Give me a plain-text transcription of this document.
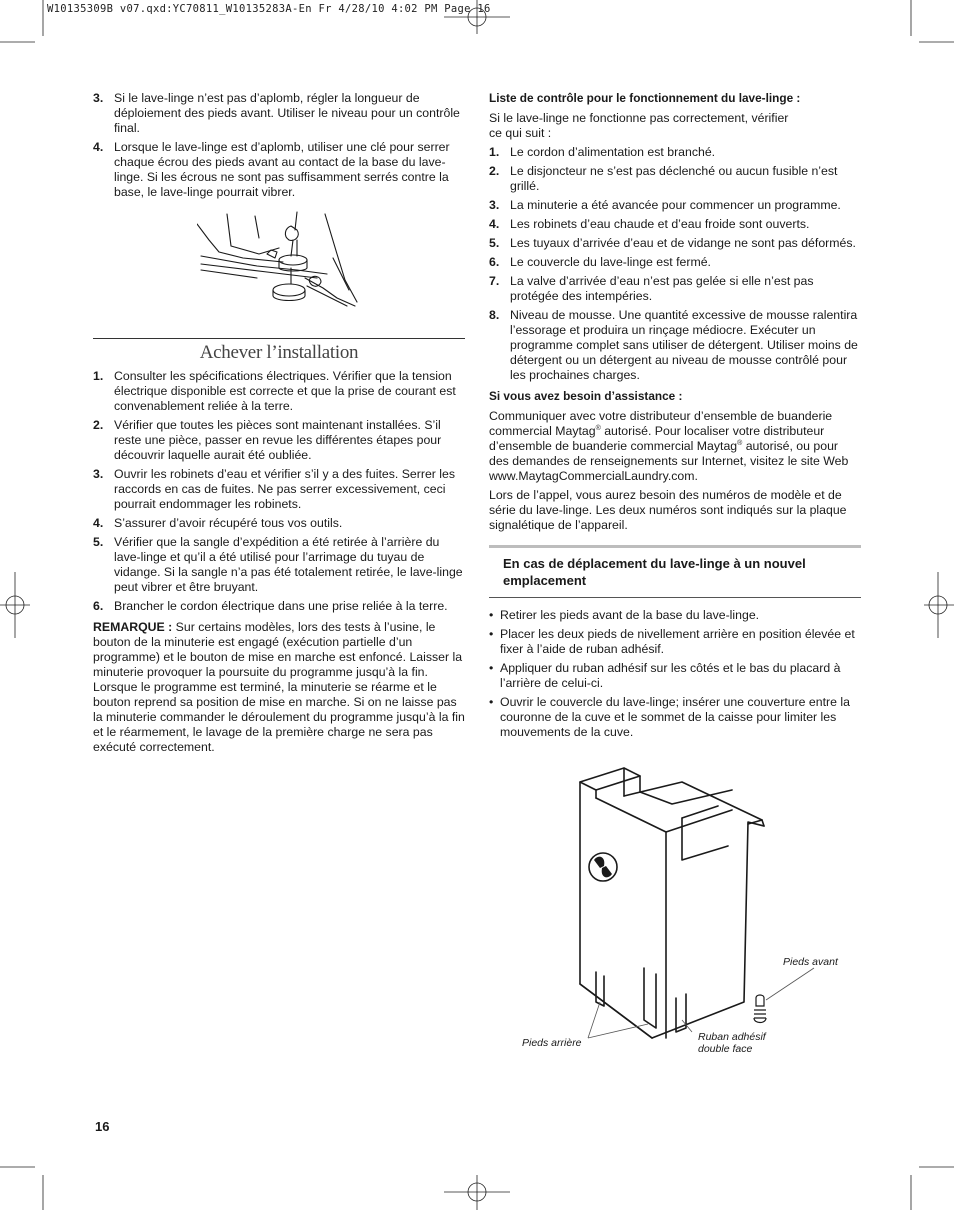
W10135309B v07.qxd:YC70811_W10135283A-En Fr 4/28/10 4:02 PM Page 16
3. Si le lave-linge n’est pas d’aplomb, régler la longueur de déploiement des pieds avant. Utiliser le niveau pour un contrôle final.
4. Lorsque le lave-linge est d’aplomb, utiliser une clé pour serrer chaque écrou des pieds avant au contact de la base du lave-linge. Si les écrous ne sont pas suffisamment serrés contre la base, le lave-linge pourrait vibrer.
Achever l’installation
1. Consulter les spécifications électriques. Vérifier que la tension électrique disponible est correcte et que la prise de courant est convenablement reliée à la terre.
2. Vérifier que toutes les pièces sont maintenant installées. S’il reste une pièce, passer en revue les différentes étapes pour découvrir laquelle aurait été oubliée.
3. Ouvrir les robinets d’eau et vérifier s’il y a des fuites. Serrer les raccords en cas de fuites. Ne pas serrer excessivement, ceci pourrait endommager les robinets.
4. S’assurer d’avoir récupéré tous vos outils.
5. Vérifier que la sangle d’expédition a été retirée à l’arrière du lave-linge et qu’il a été utilisé pour l’arrimage du tuyau de vidange. Si la sangle n’a pas été totalement retirée, le lave-linge peut vibrer et être bruyant.
6. Brancher le cordon électrique dans une prise reliée à la terre.

REMARQUE : Sur certains modèles, lors des tests à l’usine, le bouton de la minuterie est engagé (exécution partielle d’un programme) et le bouton de mise en marche est enfoncé. Laisser la minuterie provoquer la poursuite du programme jusqu’à la fin. Lorsque le programme est terminé, la minuterie se réarme et le bouton reprend sa position de mise en marche. Si on ne laisse pas la minuterie commander le déroulement du programme jusqu’à la fin et le réarmement, le lavage de la première charge ne sera pas exécuté correctement.

Liste de contrôle pour le fonctionnement du lave-linge :

Si le lave-linge ne fonctionne pas correctement, vérifier ce qui suit :

1. Le cordon d’alimentation est branché.
2. Le disjoncteur ne s’est pas déclenché ou aucun fusible n’est grillé.
3. La minuterie a été avancée pour commencer un programme.
4. Les robinets d’eau chaude et d’eau froide sont ouverts.
5. Les tuyaux d’arrivée d’eau et de vidange ne sont pas déformés.
6. Le couvercle du lave-linge est fermé.
7. La valve d’arrivée d’eau n’est pas gelée si elle n’est pas protégée des intempéries.
8. Niveau de mousse. Une quantité excessive de mousse ralentira l’essorage et produira un rinçage médiocre. Exécuter un programme complet sans utiliser de détergent. Utiliser moins de détergent ou un détergent au niveau de mousse contrôlé pour les prochaines charges.

Si vous avez besoin d’assistance :

Communiquer avec votre distributeur d’ensemble de buanderie commercial Maytag® autorisé. Pour localiser votre distributeur d’ensemble de buanderie commercial Maytag® autorisé, ou pour des demandes de renseignements sur Internet, visitez le site Web www.MaytagCommercialLaundry.com.

Lors de l’appel, vous aurez besoin des numéros de modèle et de série du lave-linge. Les deux numéros sont indiqués sur la plaque signalétique de l’appareil.

En cas de déplacement du lave-linge à un nouvel emplacement
• Retirer les pieds avant de la base du lave-linge.
• Placer les deux pieds de nivellement arrière en position élevée et fixer à l’aide de ruban adhésif.
• Appliquer du ruban adhésif sur les côtés et le bas du placard à l’arrière de celui-ci.
• Ouvrir le couvercle du lave-linge; insérer une couverture entre la couronne de la cuve et le sommet de la caisse pour limiter les mouvements de la cuve.
Pieds avant
Pieds arrière	Ruban adhésif
double face
16
